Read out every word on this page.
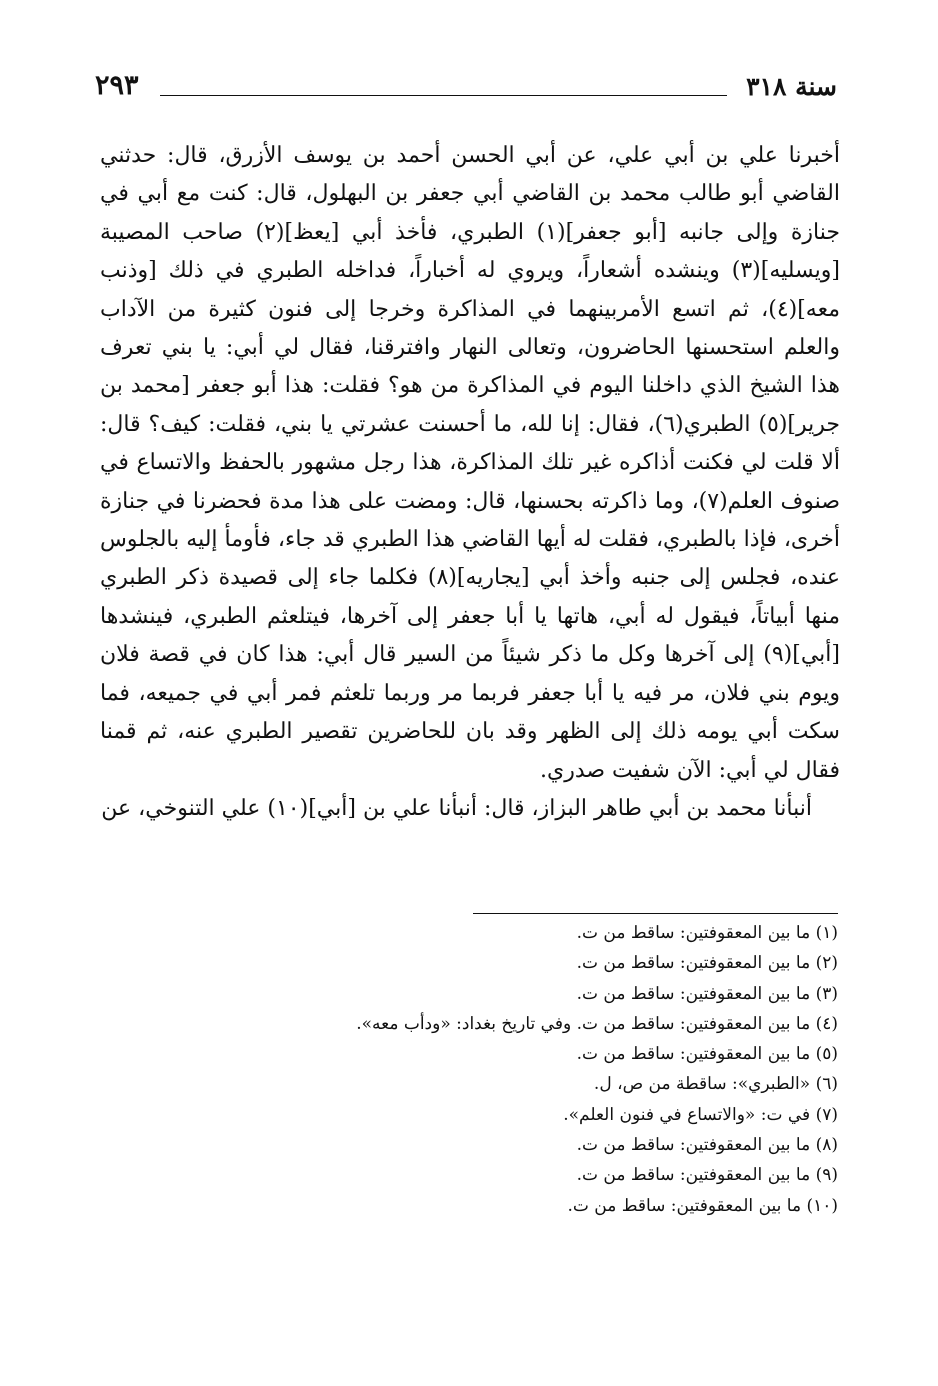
سنة ٣١٨
٢٩٣

أخبرنا علي بن أبي علي، عن أبي الحسن أحمد بن يوسف الأزرق، قال: حدثني القاضي أبو طالب محمد بن القاضي أبي جعفر بن البهلول، قال: كنت مع أبي في جنازة وإلى جانبه [أبو جعفر](١) الطبري، فأخذ أبي [يعظ](٢) صاحب المصيبة [ويسليه](٣) وينشده أشعاراً، ويروي له أخباراً، فداخله الطبري في ذلك [وذنب معه](٤)، ثم اتسع الأمربينهما في المذاكرة وخرجا إلى فنون كثيرة من الآداب والعلم استحسنها الحاضرون، وتعالى النهار وافترقنا، فقال لي أبي: يا بني تعرف هذا الشيخ الذي داخلنا اليوم في المذاكرة من هو؟ فقلت: هذا أبو جعفر [محمد بن جرير](٥) الطبري(٦)، فقال: إنا لله، ما أحسنت عشرتي يا بني، فقلت: كيف؟ قال: ألا قلت لي فكنت أذاكره غير تلك المذاكرة، هذا رجل مشهور بالحفظ والاتساع في صنوف العلم(٧)، وما ذاكرته بحسنها، قال: ومضت على هذا مدة فحضرنا في جنازة أخرى، فإذا بالطبري، فقلت له أيها القاضي هذا الطبري قد جاء، فأومأ إليه بالجلوس عنده، فجلس إلى جنبه وأخذ أبي [يجاريه](٨) فكلما جاء إلى قصيدة ذكر الطبري منها أبياتاً، فيقول له أبي، هاتها يا أبا جعفر إلى آخرها، فيتلعثم الطبري، فينشدها [أبي](٩) إلى آخرها وكل ما ذكر شيئاً من السير قال أبي: هذا كان في قصة فلان ويوم بني فلان، مر فيه يا أبا جعفر فربما مر وربما تلعثم فمر أبي في جميعه، فما سكت أبي يومه ذلك إلى الظهر وقد بان للحاضرين تقصير الطبري عنه، ثم قمنا فقال لي أبي: الآن شفيت صدري.

أنبأنا محمد بن أبي طاهر البزاز، قال: أنبأنا علي بن [أبي](١٠) علي التنوخي، عن

(١) ما بين المعقوفتين: ساقط من ت.
(٢) ما بين المعقوفتين: ساقط من ت.
(٣) ما بين المعقوفتين: ساقط من ت.
(٤) ما بين المعقوفتين: ساقط من ت. وفي تاريخ بغداد: «ودأب معه».
(٥) ما بين المعقوفتين: ساقط من ت.
(٦) «الطبري»: ساقطة من ص، ل.
(٧) في ت: «والاتساع في فنون العلم».
(٨) ما بين المعقوفتين: ساقط من ت.
(٩) ما بين المعقوفتين: ساقط من ت.
(١٠) ما بين المعقوفتين: ساقط من ت.
